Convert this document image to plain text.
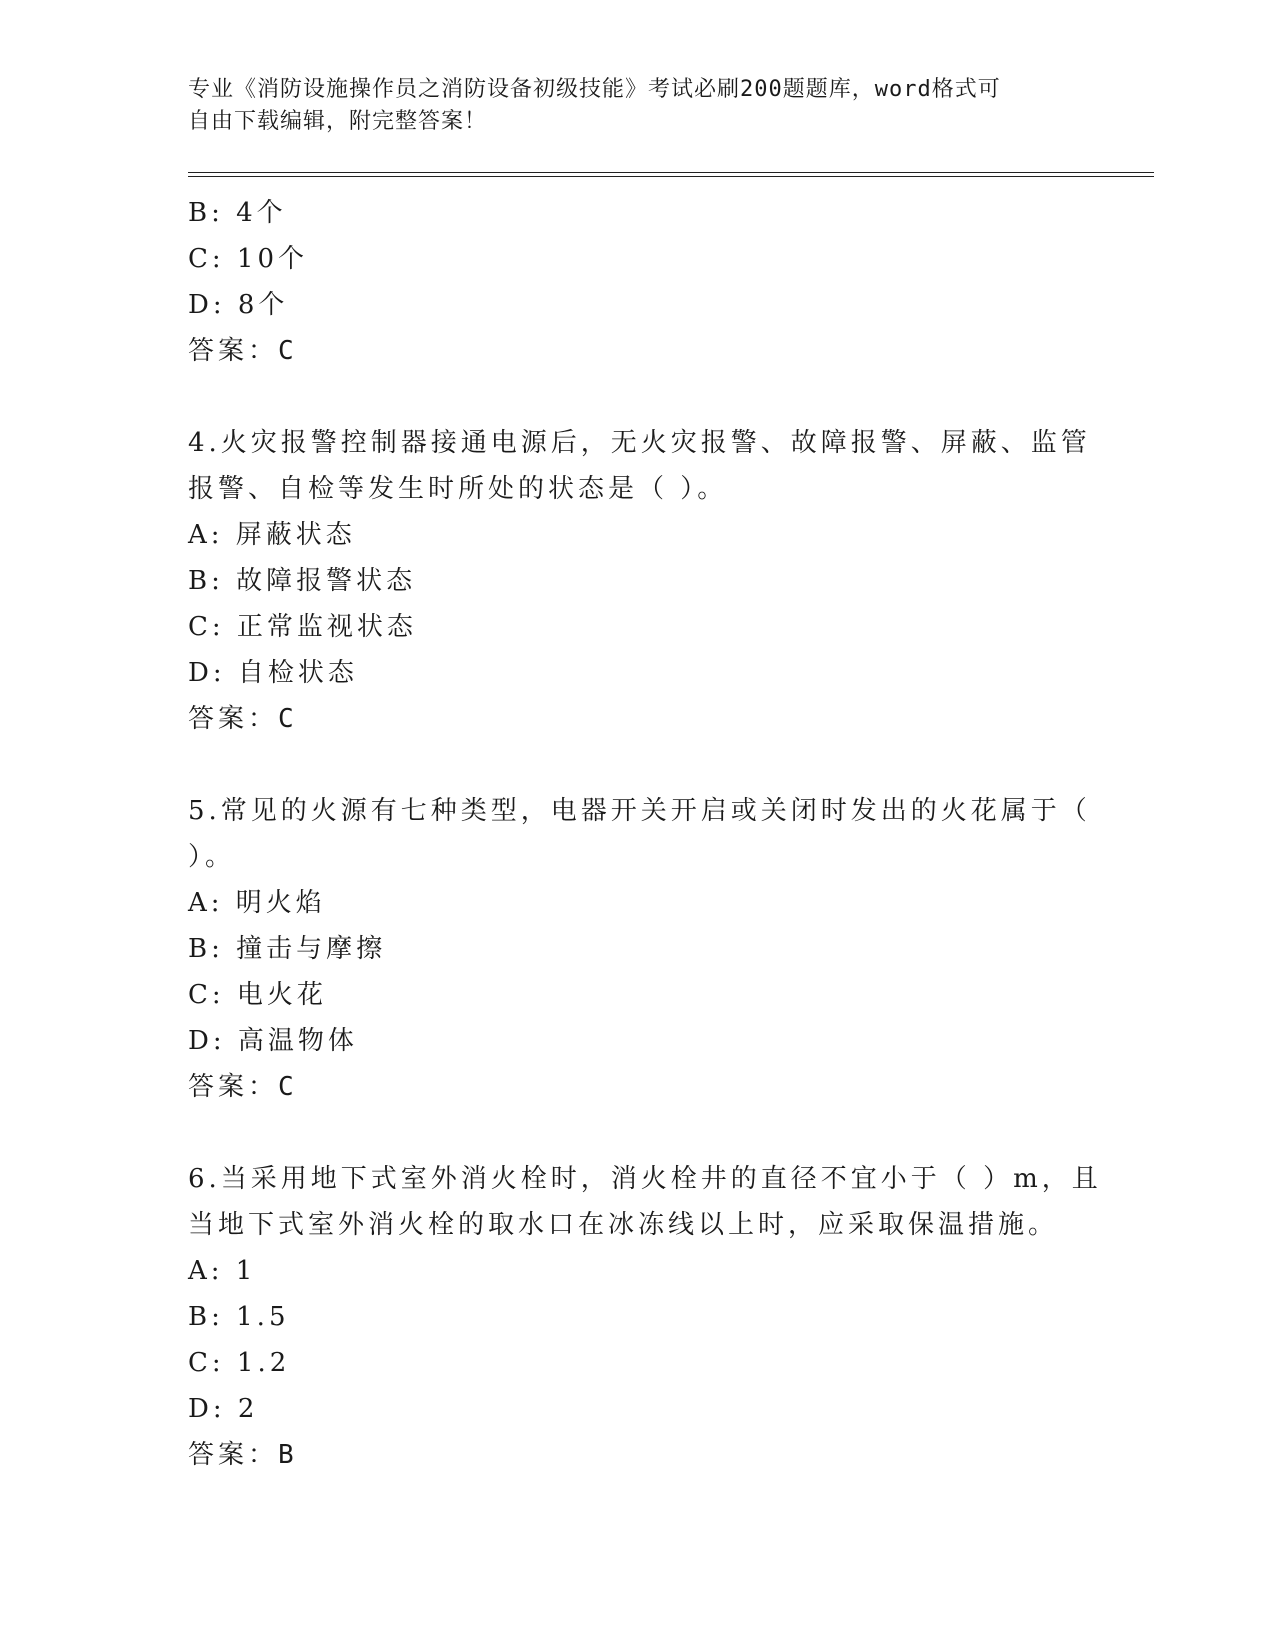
专业《消防设施操作员之消防设备初级技能》考试必刷200题题库，word格式可
自由下载编辑，附完整答案！
B: 4个
C: 10个
D: 8个
答案：C
4.火灾报警控制器接通电源后，无火灾报警、故障报警、屏蔽、监管
报警、自检等发生时所处的状态是（ ）。
A: 屏蔽状态
B: 故障报警状态
C: 正常监视状态
D: 自检状态
答案：C
5.常见的火源有七种类型，电器开关开启或关闭时发出的火花属于（
）。
A: 明火焰
B: 撞击与摩擦
C: 电火花
D: 高温物体
答案：C
6.当采用地下式室外消火栓时，消火栓井的直径不宜小于（ ）m，且
当地下式室外消火栓的取水口在冰冻线以上时，应采取保温措施。
A: 1
B: 1.5
C: 1.2
D: 2
答案：B
